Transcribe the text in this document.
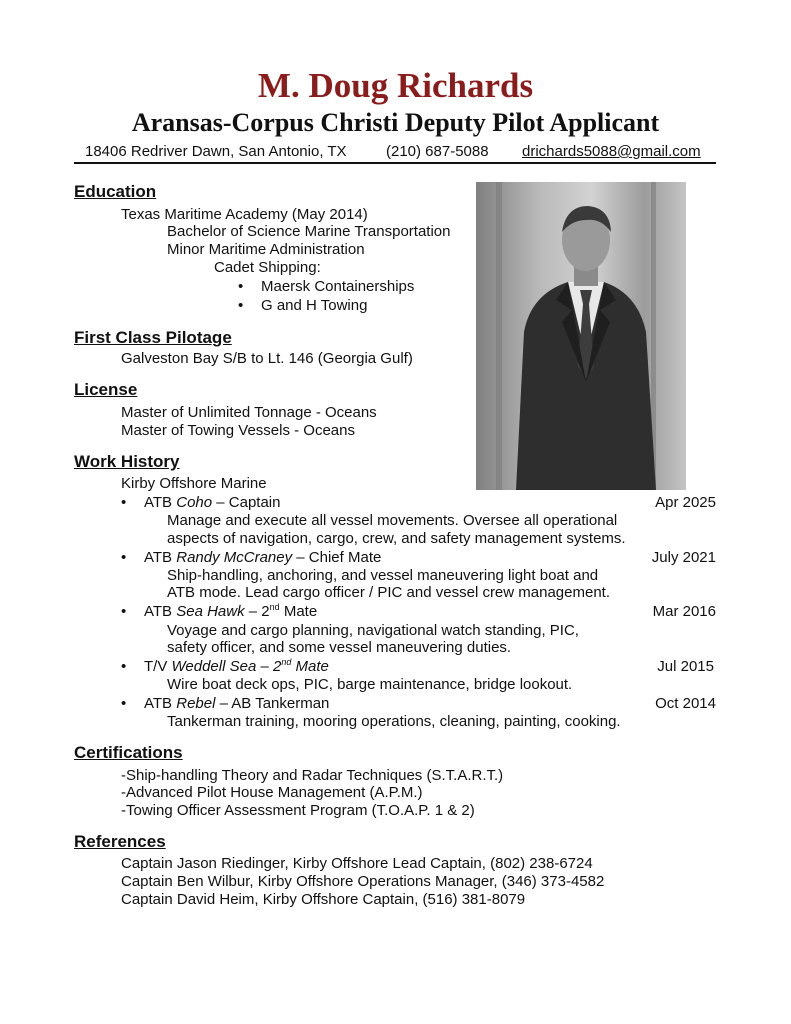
M. Doug Richards
Aransas-Corpus Christi Deputy Pilot Applicant
18406 Redriver Dawn, San Antonio, TX	(210) 687-5088 drichards5088@gmail.com
Education
Texas Maritime Academy (May 2014)
Bachelor of Science Marine Transportation
Minor Maritime Administration
Cadet Shipping:
• Maersk Containerships
• G and H Towing
First Class Pilotage
Galveston Bay S/B to Lt. 146 (Georgia Gulf)
License
Master of Unlimited Tonnage - Oceans
Master of Towing Vessels - Oceans
Work History
Kirby Offshore Marine
• ATB Coho – Captain	Apr 2025
Manage and execute all vessel movements. Oversee all operational
aspects of navigation, cargo, crew, and safety management systems.
• ATB Randy McCraney – Chief Mate	July 2021
Ship-handling, anchoring, and vessel maneuvering light boat and
ATB mode. Lead cargo officer / PIC and vessel crew management.
• ATB Sea Hawk – 2nd Mate	Mar 2016
Voyage and cargo planning, navigational watch standing, PIC,
safety officer, and some vessel maneuvering duties.
• T/V Weddell Sea – 2nd Mate	Jul 2015
Wire boat deck ops, PIC, barge maintenance, bridge lookout.
• ATB Rebel – AB Tankerman	Oct 2014
Tankerman training, mooring operations, cleaning, painting, cooking.
Certifications
-Ship-handling Theory and Radar Techniques (S.T.A.R.T.)
-Advanced Pilot House Management (A.P.M.)
-Towing Officer Assessment Program (T.O.A.P. 1 & 2)
References
Captain Jason Riedinger, Kirby Offshore Lead Captain, (802) 238-6724
Captain Ben Wilbur, Kirby Offshore Operations Manager, (346) 373-4582
Captain David Heim, Kirby Offshore Captain, (516) 381-8079
